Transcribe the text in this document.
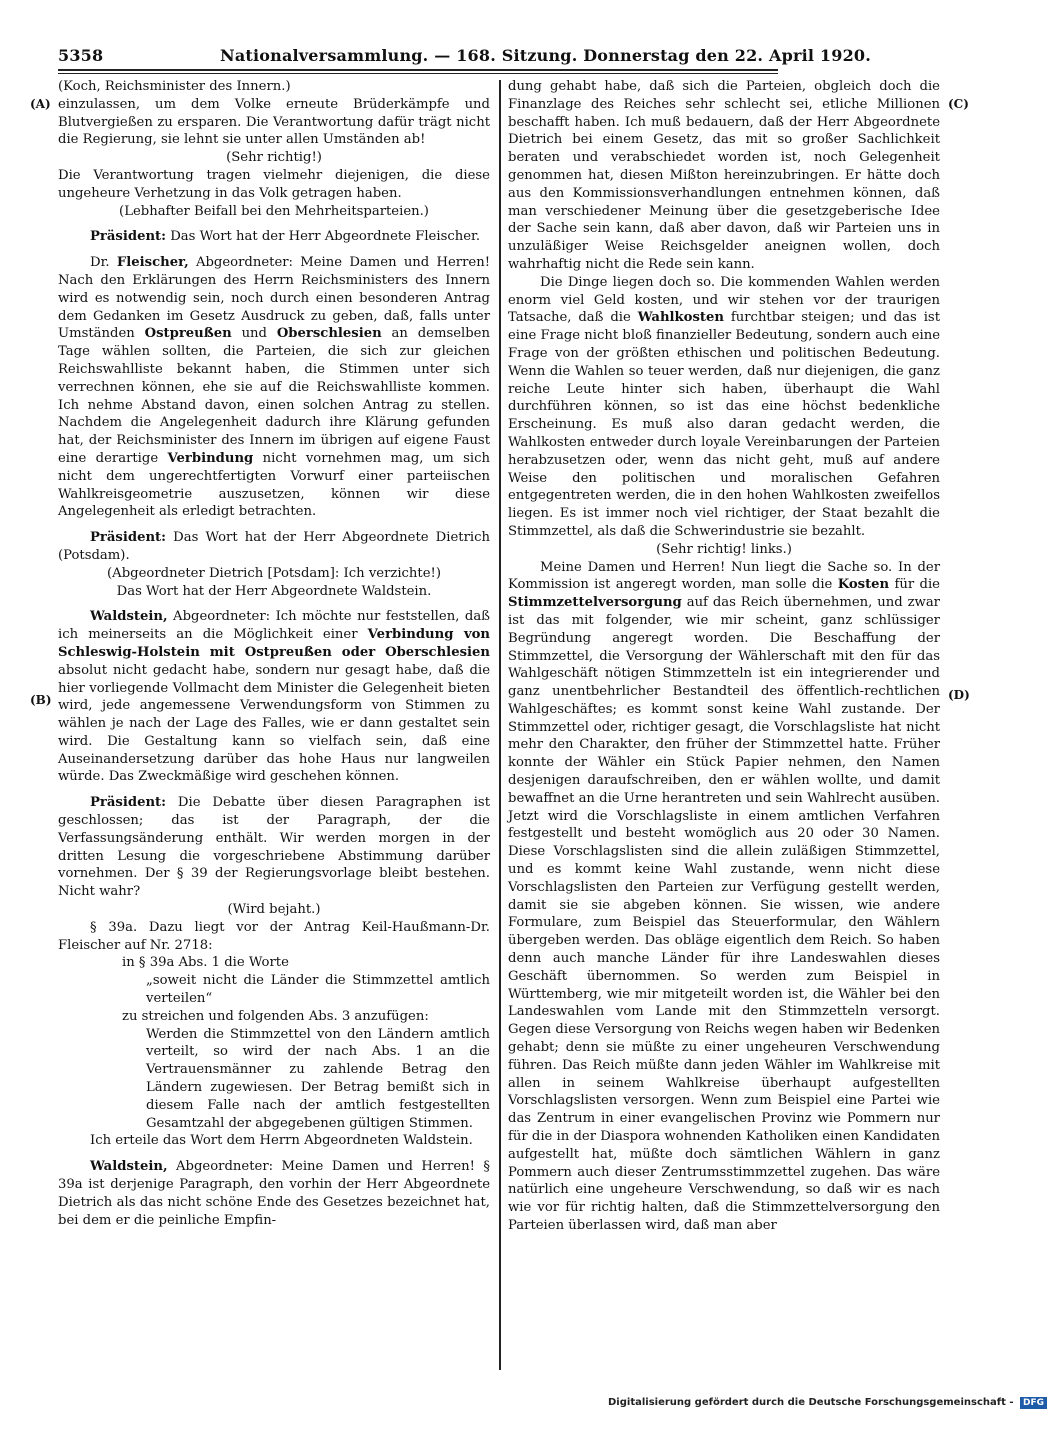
5358	Nationalversammlung. — 168. Sitzung. Donnerstag den 22. April 1920.
(A)
(B)
(C)
(D)

(Koch, Reichsminister des Innern.)

einzulassen, um dem Volke erneute Brüderkämpfe und Blutvergießen zu ersparen. Die Verantwortung dafür trägt nicht die Regierung, sie lehnt sie unter allen Umständen ab!

(Sehr richtig!)

Die Verantwortung tragen vielmehr diejenigen, die diese ungeheure Verhetzung in das Volk getragen haben.

(Lebhafter Beifall bei den Mehrheitsparteien.)

Präsident: Das Wort hat der Herr Abgeordnete Fleischer.

Dr. Fleischer, Abgeordneter: Meine Damen und Herren! Nach den Erklärungen des Herrn Reichsministers des Innern wird es notwendig sein, noch durch einen besonderen Antrag dem Gedanken im Gesetz Ausdruck zu geben, daß, falls unter Umständen Ostpreußen und Oberschlesien an demselben Tage wählen sollten, die Parteien, die sich zur gleichen Reichswahlliste bekannt haben, die Stimmen unter sich verrechnen können, ehe sie auf die Reichswahlliste kommen. Ich nehme Abstand davon, einen solchen Antrag zu stellen. Nachdem die Angelegenheit dadurch ihre Klärung gefunden hat, der Reichsminister des Innern im übrigen auf eigene Faust eine derartige Verbindung nicht vornehmen mag, um sich nicht dem ungerechtfertigten Vorwurf einer parteiischen Wahlkreisgeometrie auszusetzen, können wir diese Angelegenheit als erledigt betrachten.

Präsident: Das Wort hat der Herr Abgeordnete Dietrich (Potsdam).

(Abgeordneter Dietrich [Potsdam]: Ich verzichte!)

Das Wort hat der Herr Abgeordnete Waldstein.

Waldstein, Abgeordneter: Ich möchte nur feststellen, daß ich meinerseits an die Möglichkeit einer Verbindung von Schleswig-Holstein mit Ostpreußen oder Oberschlesien absolut nicht gedacht habe, sondern nur gesagt habe, daß die hier vorliegende Vollmacht dem Minister die Gelegenheit bieten wird, jede angemessene Verwendungsform von Stimmen zu wählen je nach der Lage des Falles, wie er dann gestaltet sein wird. Die Gestaltung kann so vielfach sein, daß eine Auseinandersetzung darüber das hohe Haus nur langweilen würde. Das Zweckmäßige wird geschehen können.

Präsident: Die Debatte über diesen Paragraphen ist geschlossen; das ist der Paragraph, der die Verfassungsänderung enthält. Wir werden morgen in der dritten Lesung die vorgeschriebene Abstimmung darüber vornehmen. Der § 39 der Regierungsvorlage bleibt bestehen. Nicht wahr?

(Wird bejaht.)

§ 39a. Dazu liegt vor der Antrag Keil-Haußmann-Dr. Fleischer auf Nr. 2718:

in § 39a Abs. 1 die Worte

„soweit nicht die Länder die Stimmzettel amtlich verteilen“

zu streichen und folgenden Abs. 3 anzufügen:

Werden die Stimmzettel von den Ländern amtlich verteilt, so wird der nach Abs. 1 an die Vertrauensmänner zu zahlende Betrag den Ländern zugewiesen. Der Betrag bemißt sich in diesem Falle nach der amtlich festgestellten Gesamtzahl der abgegebenen gültigen Stimmen.

Ich erteile das Wort dem Herrn Abgeordneten Waldstein.

Waldstein, Abgeordneter: Meine Damen und Herren! § 39a ist derjenige Paragraph, den vorhin der Herr Abgeordnete Dietrich als das nicht schöne Ende des Gesetzes bezeichnet hat, bei dem er die peinliche Empfin-

dung gehabt habe, daß sich die Parteien, obgleich doch die Finanzlage des Reiches sehr schlecht sei, etliche Millionen beschafft haben. Ich muß bedauern, daß der Herr Abgeordnete Dietrich bei einem Gesetz, das mit so großer Sachlichkeit beraten und verabschiedet worden ist, noch Gelegenheit genommen hat, diesen Mißton hereinzubringen. Er hätte doch aus den Kommissionsverhandlungen entnehmen können, daß man verschiedener Meinung über die gesetzgeberische Idee der Sache sein kann, daß aber davon, daß wir Parteien uns in unzuläßiger Weise Reichsgelder aneignen wollen, doch wahrhaftig nicht die Rede sein kann.

Die Dinge liegen doch so. Die kommenden Wahlen werden enorm viel Geld kosten, und wir stehen vor der traurigen Tatsache, daß die Wahlkosten furchtbar steigen; und das ist eine Frage nicht bloß finanzieller Bedeutung, sondern auch eine Frage von der größten ethischen und politischen Bedeutung. Wenn die Wahlen so teuer werden, daß nur diejenigen, die ganz reiche Leute hinter sich haben, überhaupt die Wahl durchführen können, so ist das eine höchst bedenkliche Erscheinung. Es muß also daran gedacht werden, die Wahlkosten entweder durch loyale Vereinbarungen der Parteien herabzusetzen oder, wenn das nicht geht, muß auf andere Weise den politischen und moralischen Gefahren entgegentreten werden, die in den hohen Wahlkosten zweifellos liegen. Es ist immer noch viel richtiger, der Staat bezahlt die Stimmzettel, als daß die Schwerindustrie sie bezahlt.

(Sehr richtig! links.)

Meine Damen und Herren! Nun liegt die Sache so. In der Kommission ist angeregt worden, man solle die Kosten für die Stimmzettelversorgung auf das Reich übernehmen, und zwar ist das mit folgender, wie mir scheint, ganz schlüssiger Begründung angeregt worden. Die Beschaffung der Stimmzettel, die Versorgung der Wählerschaft mit den für das Wahlgeschäft nötigen Stimmzetteln ist ein integrierender und ganz unentbehrlicher Bestandteil des öffentlich-rechtlichen Wahlgeschäftes; es kommt sonst keine Wahl zustande. Der Stimmzettel oder, richtiger gesagt, die Vorschlagsliste hat nicht mehr den Charakter, den früher der Stimmzettel hatte. Früher konnte der Wähler ein Stück Papier nehmen, den Namen desjenigen daraufschreiben, den er wählen wollte, und damit bewaffnet an die Urne herantreten und sein Wahlrecht ausüben. Jetzt wird die Vorschlagsliste in einem amtlichen Verfahren festgestellt und besteht womöglich aus 20 oder 30 Namen. Diese Vorschlagslisten sind die allein zuläßigen Stimmzettel, und es kommt keine Wahl zustande, wenn nicht diese Vorschlagslisten den Parteien zur Verfügung gestellt werden, damit sie sie abgeben können. Sie wissen, wie andere Formulare, zum Beispiel das Steuerformular, den Wählern übergeben werden. Das obläge eigentlich dem Reich. So haben denn auch manche Länder für ihre Landeswahlen dieses Geschäft übernommen. So werden zum Beispiel in Württemberg, wie mir mitgeteilt worden ist, die Wähler bei den Landeswahlen vom Lande mit den Stimmzetteln versorgt. Gegen diese Versorgung von Reichs wegen haben wir Bedenken gehabt; denn sie müßte zu einer ungeheuren Verschwendung führen. Das Reich müßte dann jeden Wähler im Wahlkreise mit allen in seinem Wahlkreise überhaupt aufgestellten Vorschlagslisten versorgen. Wenn zum Beispiel eine Partei wie das Zentrum in einer evangelischen Provinz wie Pommern nur für die in der Diaspora wohnenden Katholiken einen Kandidaten aufgestellt hat, müßte doch sämtlichen Wählern in ganz Pommern auch dieser Zentrumsstimmzettel zugehen. Das wäre natürlich eine ungeheure Verschwendung, so daß wir es nach wie vor für richtig halten, daß die Stimmzettelversorgung den Parteien überlassen wird, daß man aber

Digitalisierung gefördert durch die Deutsche Forschungsgemeinschaft - DFG
